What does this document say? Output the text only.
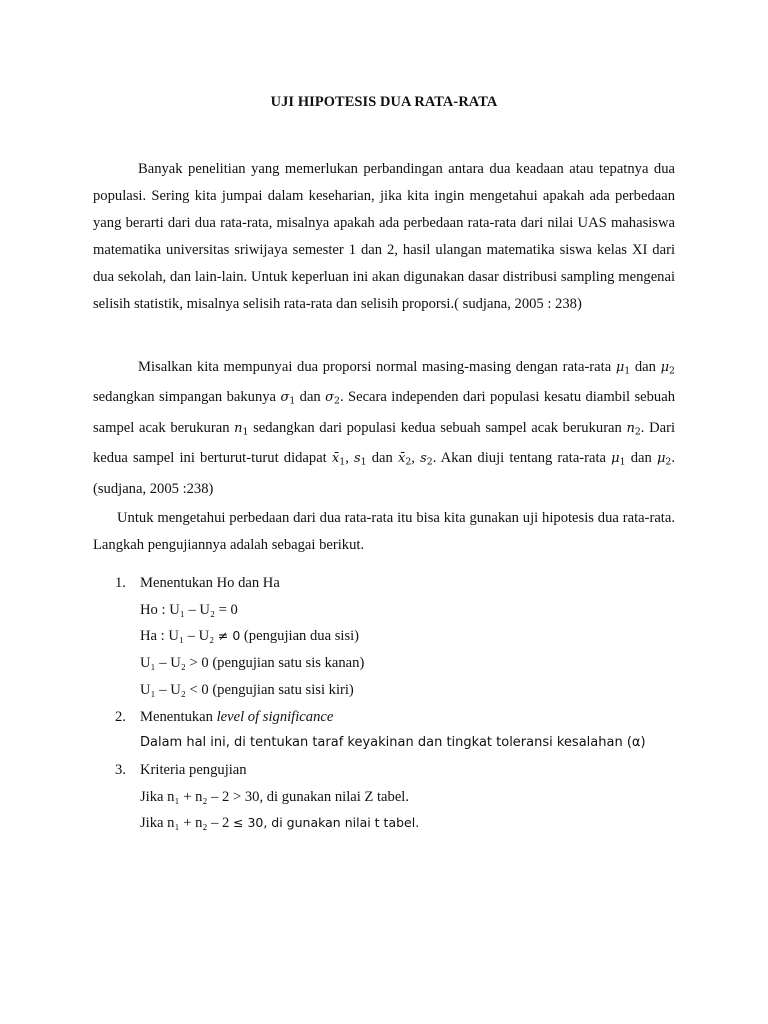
UJI HIPOTESIS DUA RATA-RATA

Banyak penelitian yang memerlukan perbandingan antara dua keadaan atau tepatnya dua populasi. Sering kita jumpai dalam keseharian, jika kita ingin mengetahui apakah ada perbedaan yang berarti dari dua rata-rata, misalnya apakah ada perbedaan rata-rata dari nilai UAS mahasiswa matematika universitas sriwijaya semester 1 dan 2, hasil ulangan matematika siswa kelas XI dari dua sekolah, dan lain-lain. Untuk keperluan ini akan digunakan dasar distribusi sampling mengenai selisih statistik, misalnya selisih rata-rata dan selisih proporsi.( sudjana, 2005 : 238)

Misalkan kita mempunyai dua proporsi normal masing-masing dengan rata-rata $\mu_1$ dan $\mu_2$ sedangkan simpangan bakunya $\sigma_1$ dan $\sigma_2$. Secara independen dari populasi kesatu diambil sebuah sampel acak berukuran $n_1$ sedangkan dari populasi kedua sebuah sampel acak berukuran $n_2$. Dari kedua sampel ini berturut-turut didapat $x̄_1$, $s_1$ dan $x̄_2$, $s_2$. Akan diuji tentang rata-rata $\mu_1$ dan $\mu_2$. (sudjana, 2005 :238)

Untuk mengetahui perbedaan dari dua rata-rata itu bisa kita gunakan uji hipotesis dua rata-rata. Langkah pengujiannya adalah sebagai berikut.

1. Menentukan Ho dan Ha
Ho : U₁ – U₂ = 0
Ha : U₁ – U₂ ≠ 0 (pengujian dua sisi)
U₁ – U₂ > 0 (pengujian satu sis kanan)
U₁ – U₂ < 0 (pengujian satu sisi kiri)
2. Menentukan level of significance
Dalam hal ini, di tentukan taraf keyakinan dan tingkat toleransi kesalahan (α)
3. Kriteria pengujian
Jika n₁ + n₂ – 2 > 30, di gunakan nilai Z tabel.
Jika n₁ + n₂ – 2 ≤ 30, di gunakan nilai t tabel.
